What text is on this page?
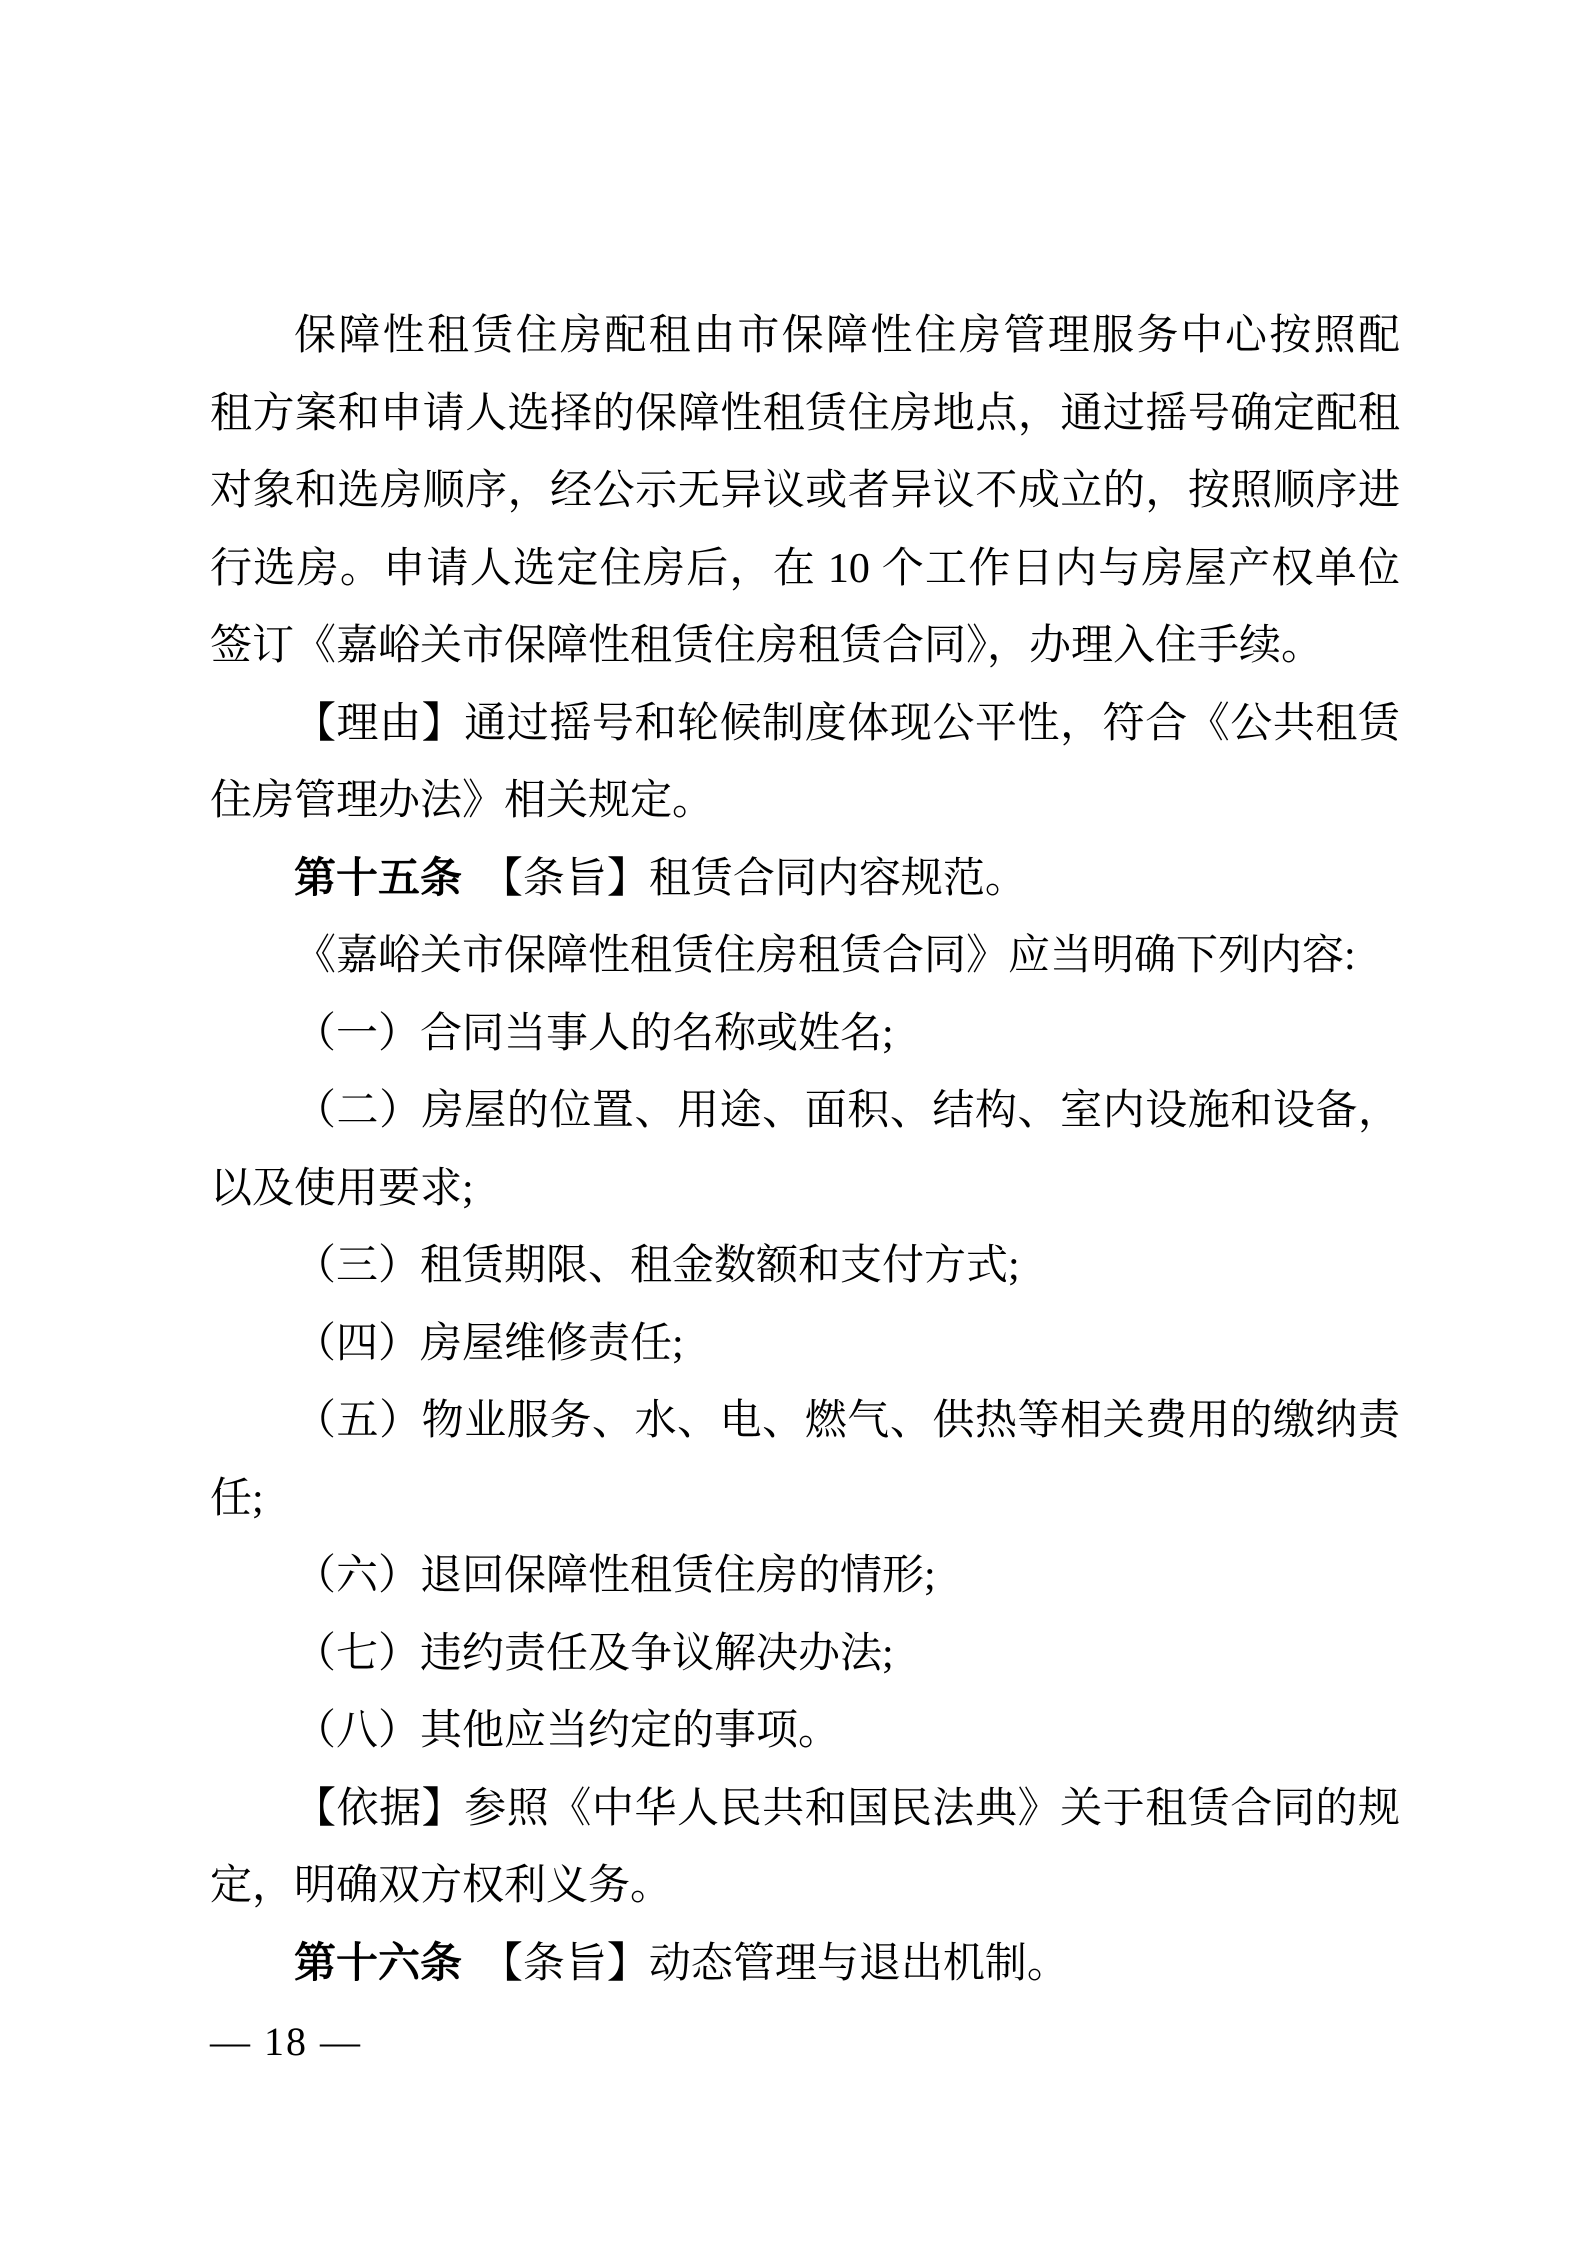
保障性租赁住房配租由市保障性住房管理服务中心按照配
租方案和申请人选择的保障性租赁住房地点，通过摇号确定配租
对象和选房顺序，经公示无异议或者异议不成立的，按照顺序进
行选房。申请人选定住房后，在 10 个工作日内与房屋产权单位
签订《嘉峪关市保障性租赁住房租赁合同》，办理入住手续。
【理由】通过摇号和轮候制度体现公平性，符合《公共租赁
住房管理办法》相关规定。
第十五条 【条旨】租赁合同内容规范。
《嘉峪关市保障性租赁住房租赁合同》应当明确下列内容:
（一）合同当事人的名称或姓名;
（二）房屋的位置、用途、面积、结构、室内设施和设备，
以及使用要求;
（三）租赁期限、租金数额和支付方式;
（四）房屋维修责任;
（五）物业服务、水、电、燃气、供热等相关费用的缴纳责
任;
（六）退回保障性租赁住房的情形;
（七）违约责任及争议解决办法;
（八）其他应当约定的事项。
【依据】参照《中华人民共和国民法典》关于租赁合同的规
定，明确双方权利义务。
第十六条 【条旨】动态管理与退出机制。
— 18 —
